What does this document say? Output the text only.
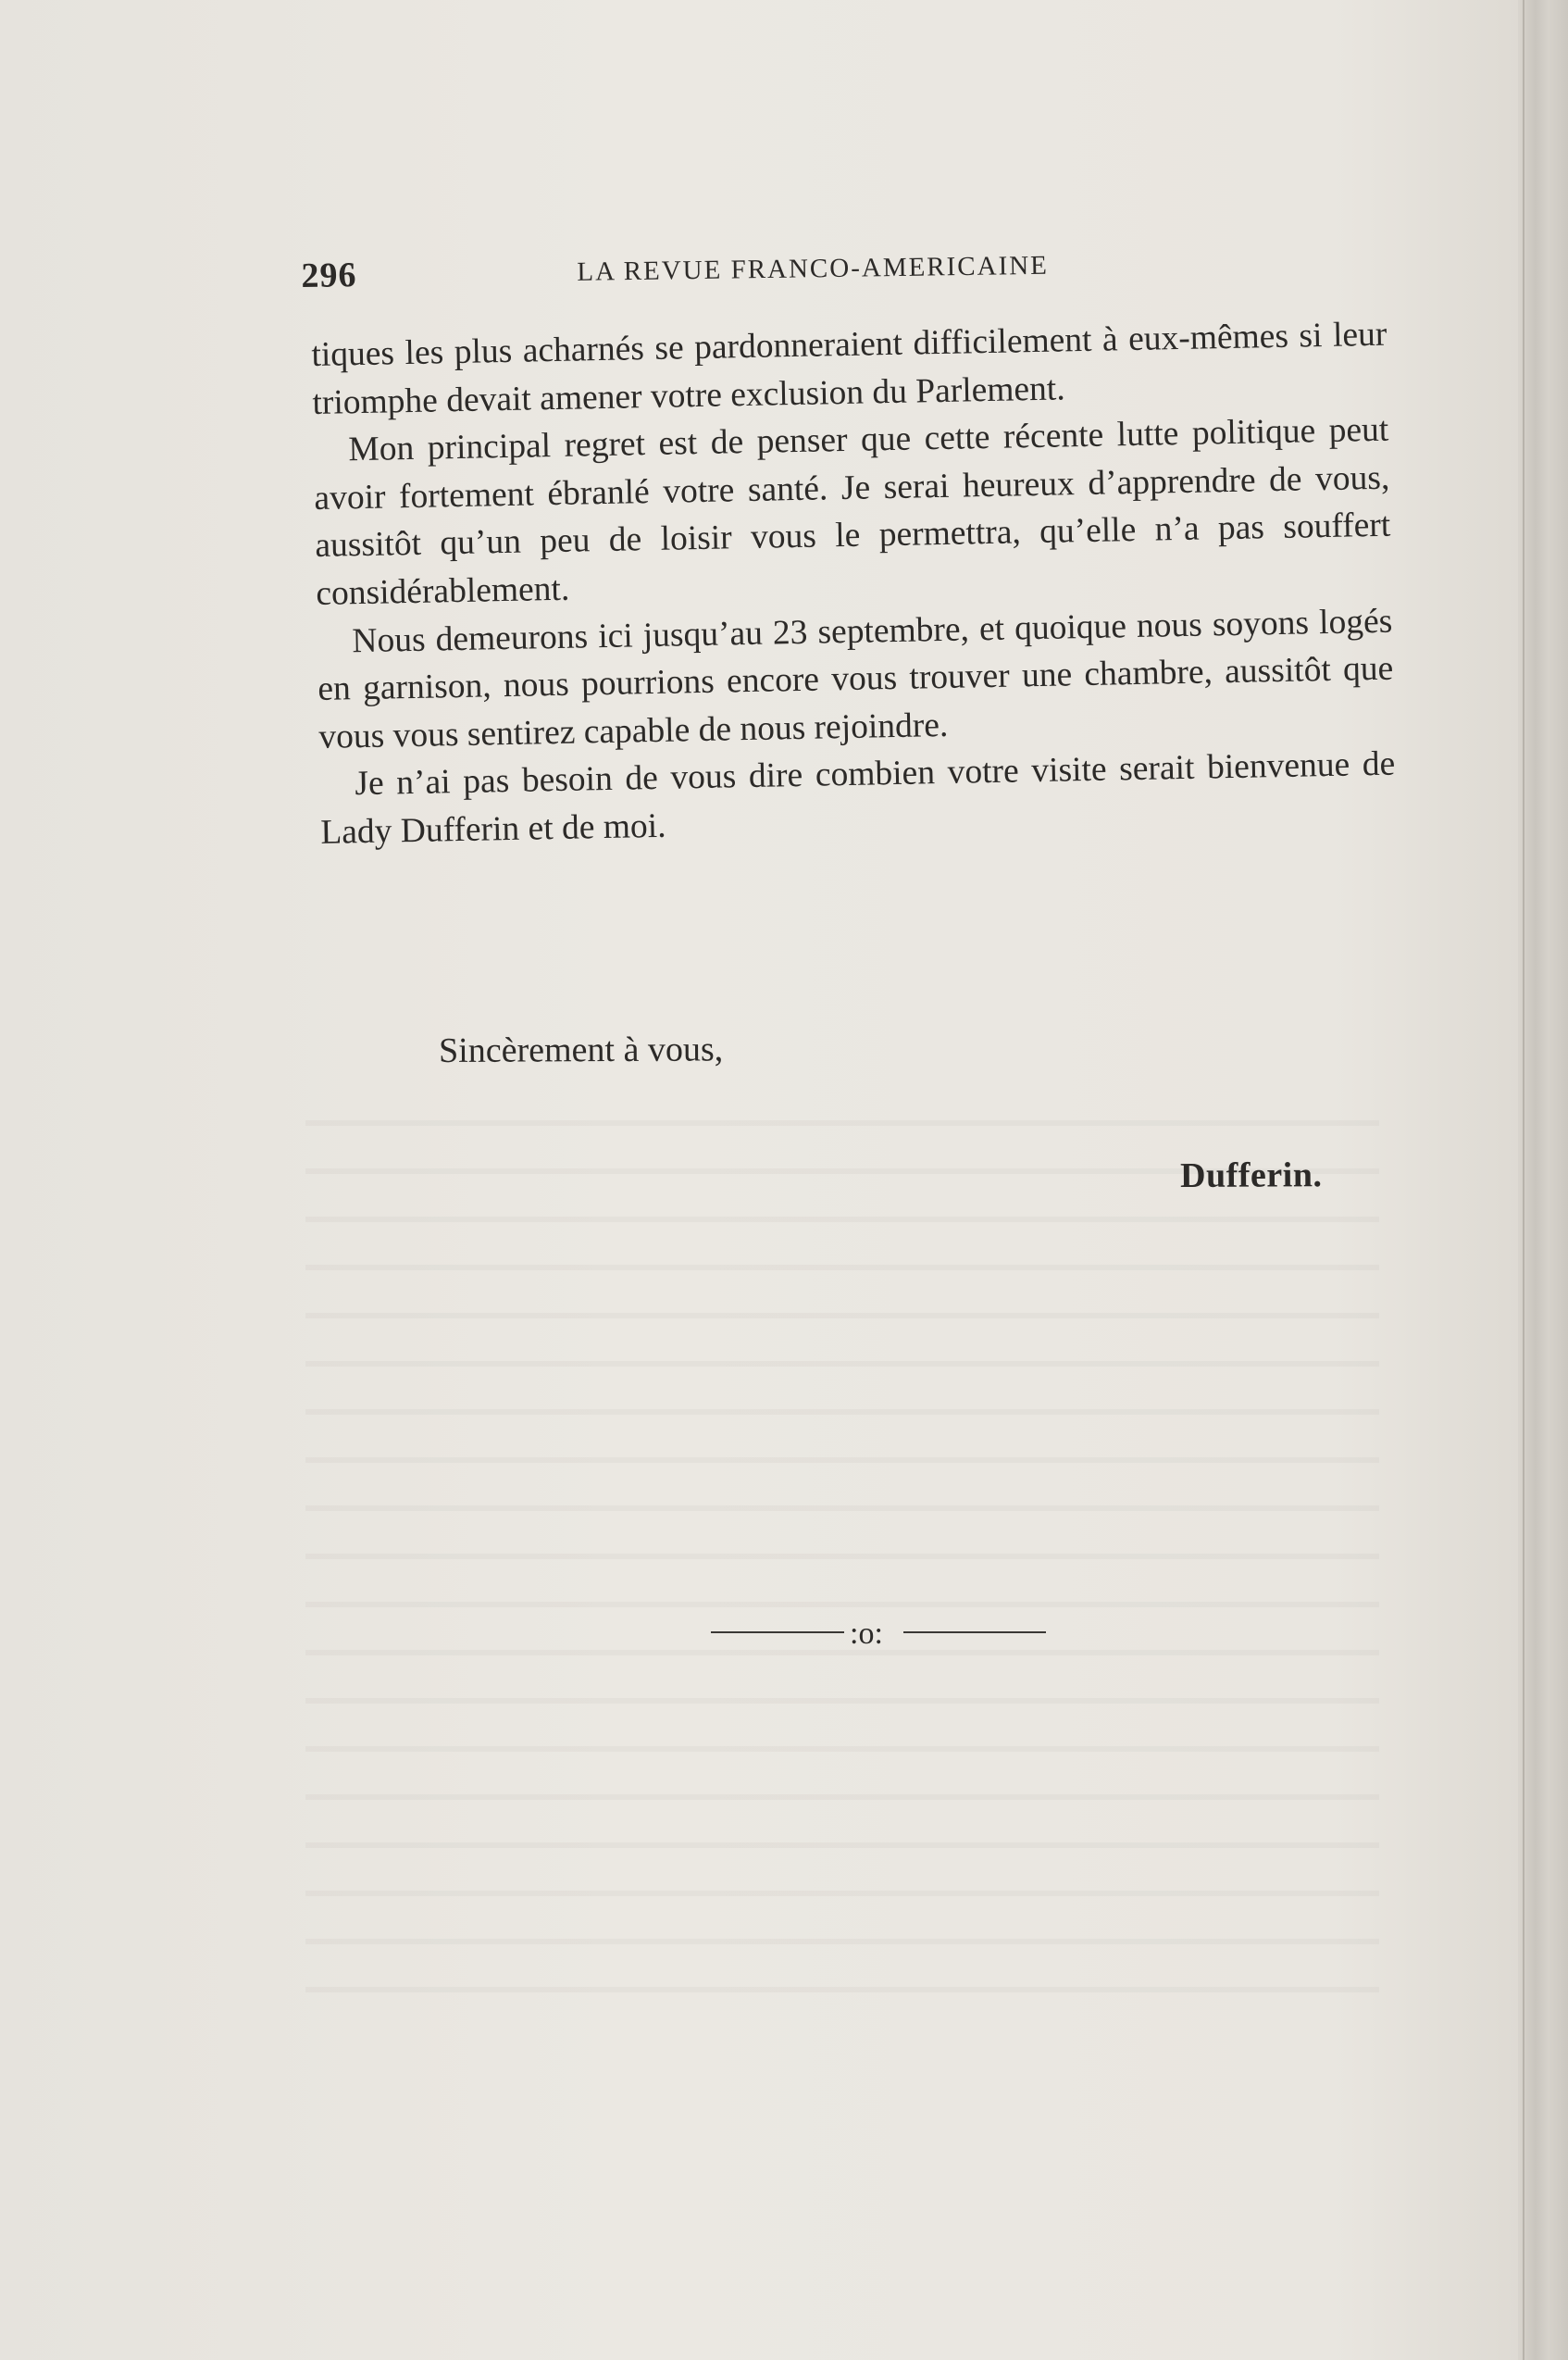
296	LA REVUE FRANCO-AMERICAINE

tiques les plus acharnés se pardonneraient difficilement à eux-mêmes si leur triomphe devait amener votre exclusion du Parlement.

Mon principal regret est de penser que cette récente lutte politique peut avoir fortement ébranlé votre santé. Je serai heureux d’apprendre de vous, aussitôt qu’un peu de loisir vous le permettra, qu’elle n’a pas souffert considérablement.

Nous demeurons ici jusqu’au 23 septembre, et quoique nous soyons logés en garnison, nous pourrions encore vous trouver une chambre, aussitôt que vous vous sentirez capable de nous rejoindre.

Je n’ai pas besoin de vous dire combien votre visite serait bienvenue de Lady Dufferin et de moi.

Sincèrement à vous,
Dufferin.
:o:
